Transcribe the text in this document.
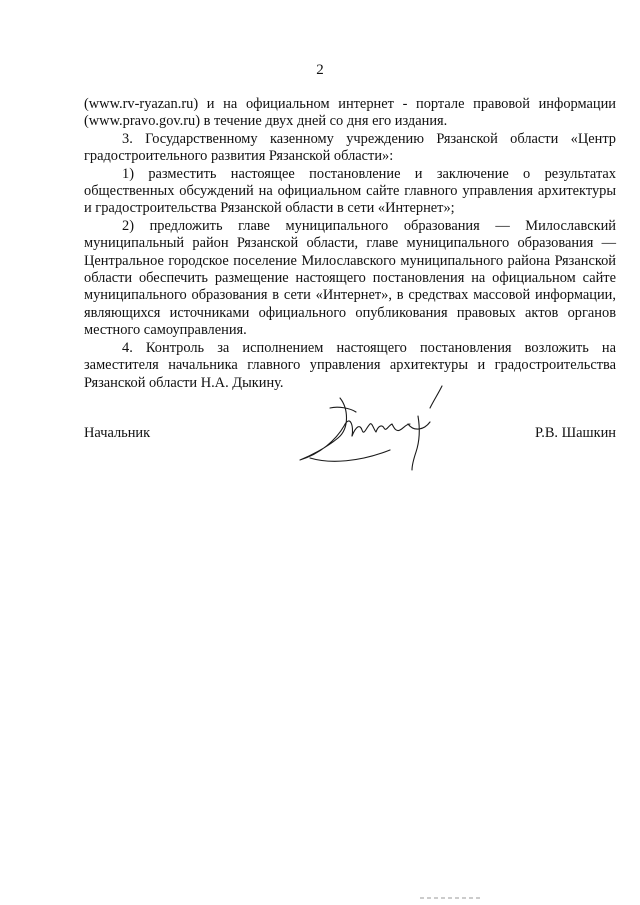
2

(www.rv-ryazan.ru) и на официальном интернет - портале правовой информации (www.pravo.gov.ru) в течение двух дней со дня его издания.

3. Государственному казенному учреждению Рязанской области «Центр градостроительного развития Рязанской области»:

1) разместить настоящее постановление и заключение о результатах общественных обсуждений на официальном сайте главного управления архитектуры и градостроительства Рязанской области в сети «Интернет»;

2) предложить главе муниципального образования — Милославский муниципальный район Рязанской области, главе муниципального образования — Центральное городское поселение Милославского муниципального района Рязанской области обеспечить размещение настоящего постановления на официальном сайте муниципального образования в сети «Интернет», в средствах массовой информации, являющихся источниками официального опубликования правовых актов органов местного самоуправления.

4. Контроль за исполнением настоящего постановления возложить на заместителя начальника главного управления архитектуры и градостроительства Рязанской области Н.А. Дыкину.

Начальник	Р.В. Шашкин
